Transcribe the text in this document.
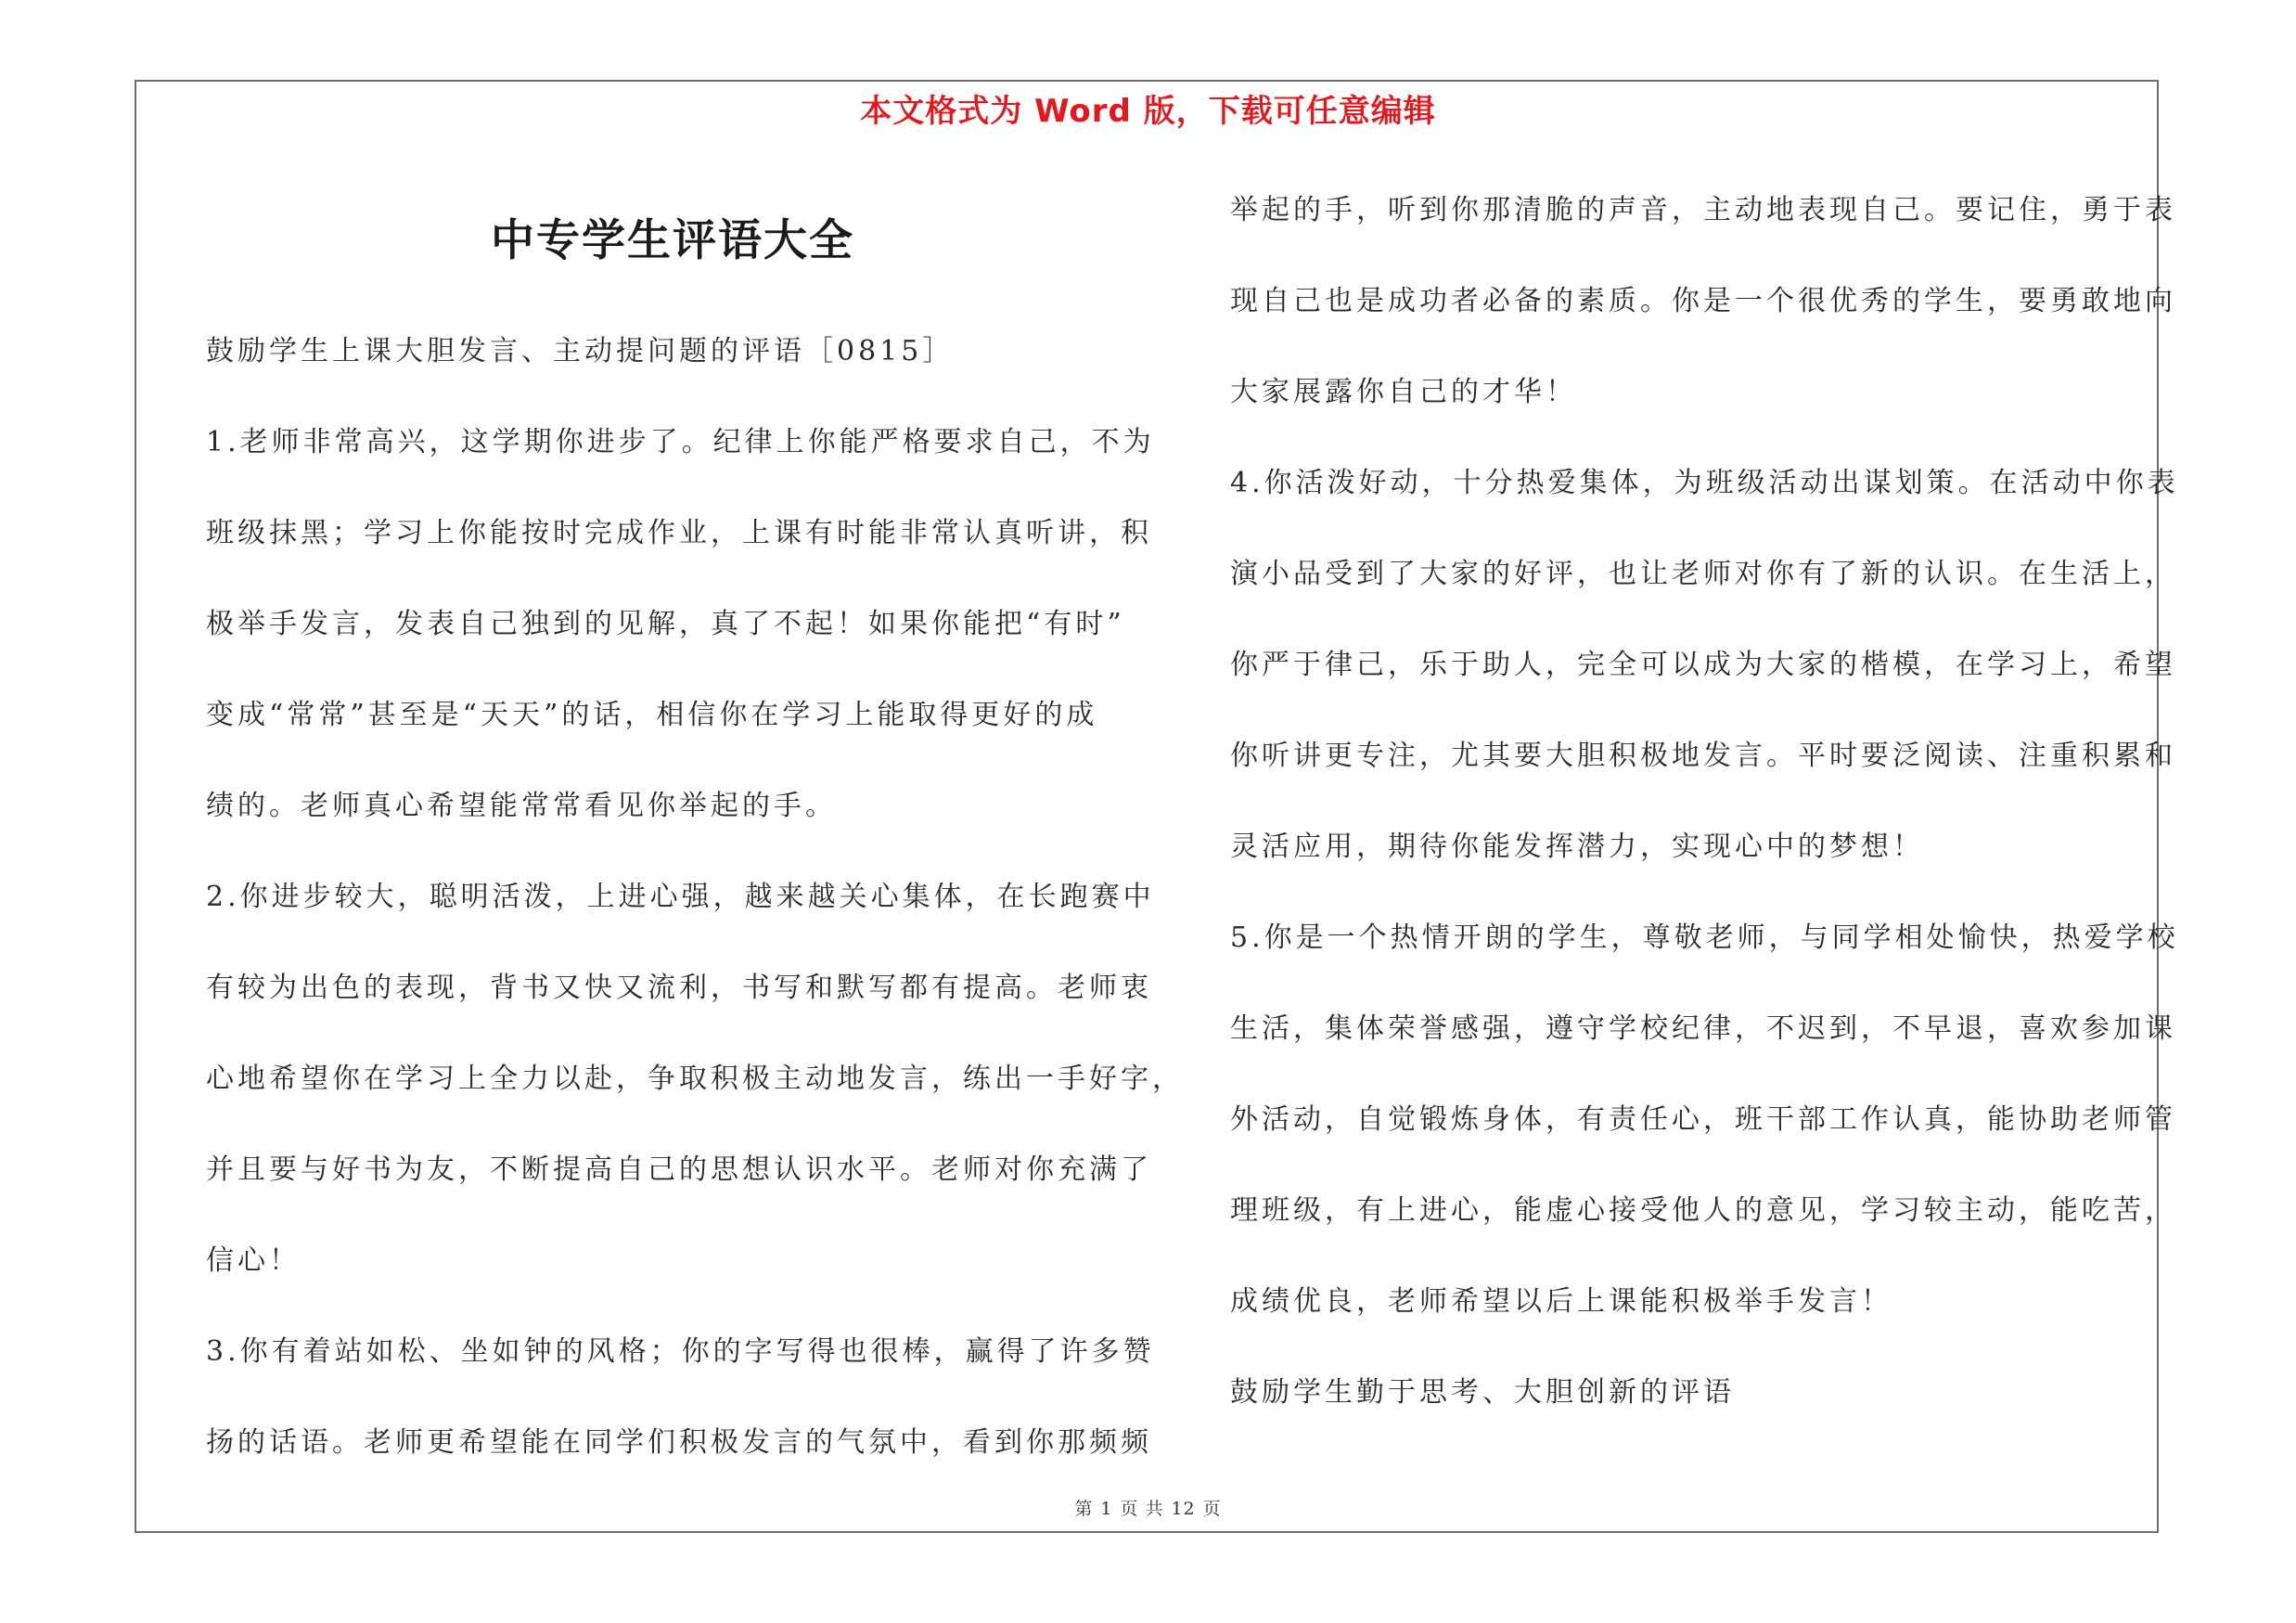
本文格式为 Word 版，下载可任意编辑
中专学生评语大全
鼓励学生上课大胆发言、主动提问题的评语［0815］
1.老师非常高兴，这学期你进步了。纪律上你能严格要求自己，不为
班级抹黑；学习上你能按时完成作业，上课有时能非常认真听讲，积
极举手发言，发表自己独到的见解，真了不起！如果你能把“有时”
变成“常常”甚至是“天天”的话，相信你在学习上能取得更好的成
绩的。老师真心希望能常常看见你举起的手。
2.你进步较大，聪明活泼，上进心强，越来越关心集体，在长跑赛中
有较为出色的表现，背书又快又流利，书写和默写都有提高。老师衷
心地希望你在学习上全力以赴，争取积极主动地发言，练出一手好字，
并且要与好书为友，不断提高自己的思想认识水平。老师对你充满了
信心！
3.你有着站如松、坐如钟的风格；你的字写得也很棒，赢得了许多赞
扬的话语。老师更希望能在同学们积极发言的气氛中，看到你那频频
举起的手，听到你那清脆的声音，主动地表现自己。要记住，勇于表
现自己也是成功者必备的素质。你是一个很优秀的学生，要勇敢地向
大家展露你自己的才华！
4.你活泼好动，十分热爱集体，为班级活动出谋划策。在活动中你表
演小品受到了大家的好评，也让老师对你有了新的认识。在生活上，
你严于律己，乐于助人，完全可以成为大家的楷模，在学习上，希望
你听讲更专注，尤其要大胆积极地发言。平时要泛阅读、注重积累和
灵活应用，期待你能发挥潜力，实现心中的梦想！
5.你是一个热情开朗的学生，尊敬老师，与同学相处愉快，热爱学校
生活，集体荣誉感强，遵守学校纪律，不迟到，不早退，喜欢参加课
外活动，自觉锻炼身体，有责任心，班干部工作认真，能协助老师管
理班级，有上进心，能虚心接受他人的意见，学习较主动，能吃苦，
成绩优良，老师希望以后上课能积极举手发言！
鼓励学生勤于思考、大胆创新的评语
第 1 页 共 12 页
